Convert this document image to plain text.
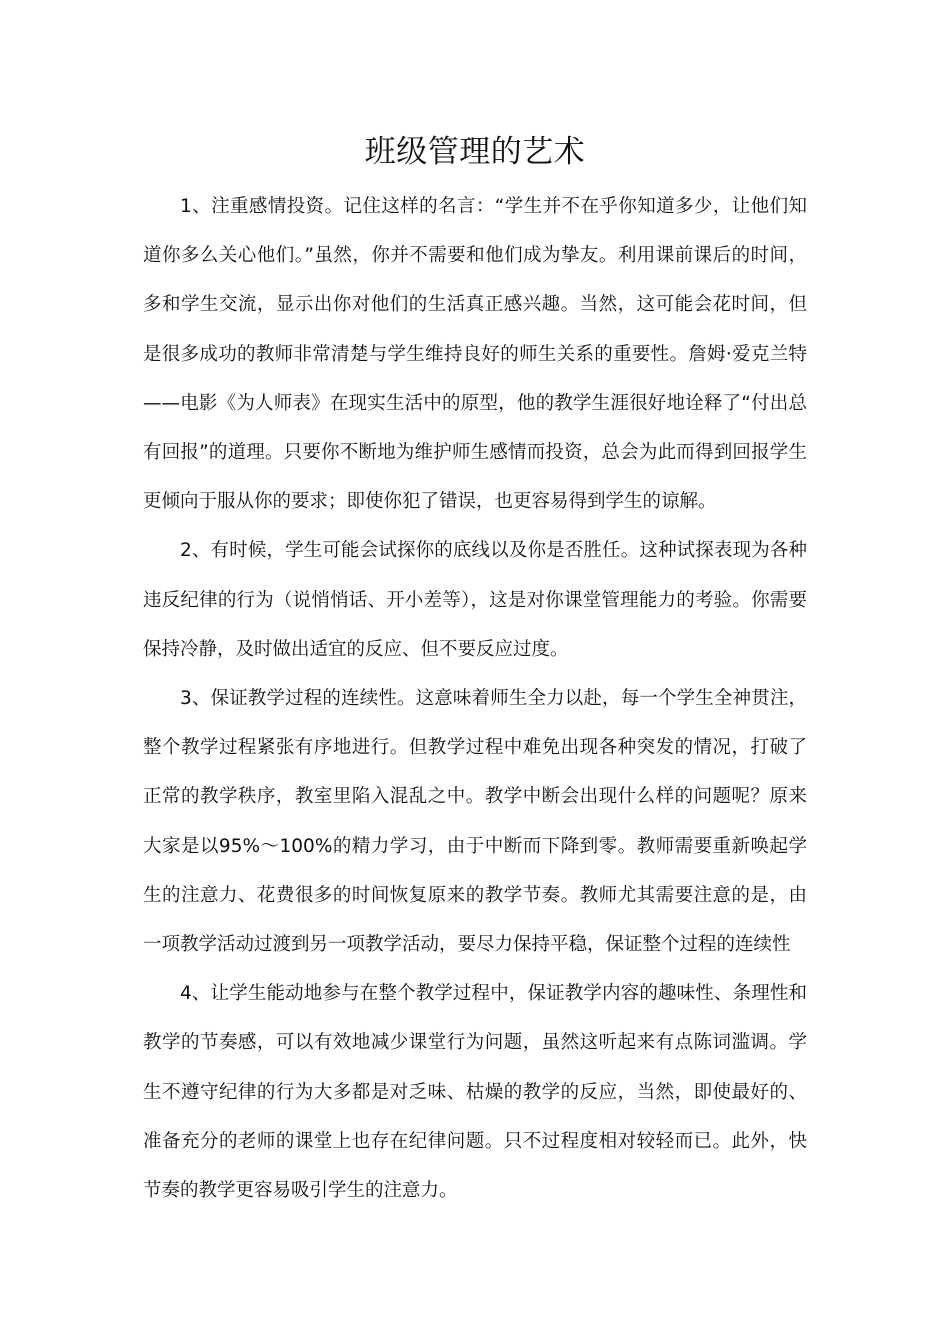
班级管理的艺术

1、注重感情投资。记住这样的名言：“学生并不在乎你知道多少，让他们知道你多么关心他们。”虽然，你并不需要和他们成为挚友。利用课前课后的时间，多和学生交流，显示出你对他们的生活真正感兴趣。当然，这可能会花时间，但是很多成功的教师非常清楚与学生维持良好的师生关系的重要性。詹姆·爱克兰特——电影《为人师表》在现实生活中的原型，他的教学生涯很好地诠释了“付出总有回报”的道理。只要你不断地为维护师生感情而投资，总会为此而得到回报学生更倾向于服从你的要求；即使你犯了错误，也更容易得到学生的谅解。

2、有时候，学生可能会试探你的底线以及你是否胜任。这种试探表现为各种违反纪律的行为（说悄悄话、开小差等），这是对你课堂管理能力的考验。你需要保持冷静，及时做出适宜的反应、但不要反应过度。

3、保证教学过程的连续性。这意味着师生全力以赴，每一个学生全神贯注，整个教学过程紧张有序地进行。但教学过程中难免出现各种突发的情况，打破了正常的教学秩序，教室里陷入混乱之中。教学中断会出现什么样的问题呢？原来大家是以95%～100%的精力学习，由于中断而下降到零。教师需要重新唤起学生的注意力、花费很多的时间恢复原来的教学节奏。教师尤其需要注意的是，由一项教学活动过渡到另一项教学活动，要尽力保持平稳，保证整个过程的连续性

4、让学生能动地参与在整个教学过程中，保证教学内容的趣味性、条理性和教学的节奏感，可以有效地减少课堂行为问题，虽然这听起来有点陈词滥调。学生不遵守纪律的行为大多都是对乏味、枯燥的教学的反应，当然，即使最好的、准备充分的老师的课堂上也存在纪律问题。只不过程度相对较轻而已。此外，快节奏的教学更容易吸引学生的注意力。
